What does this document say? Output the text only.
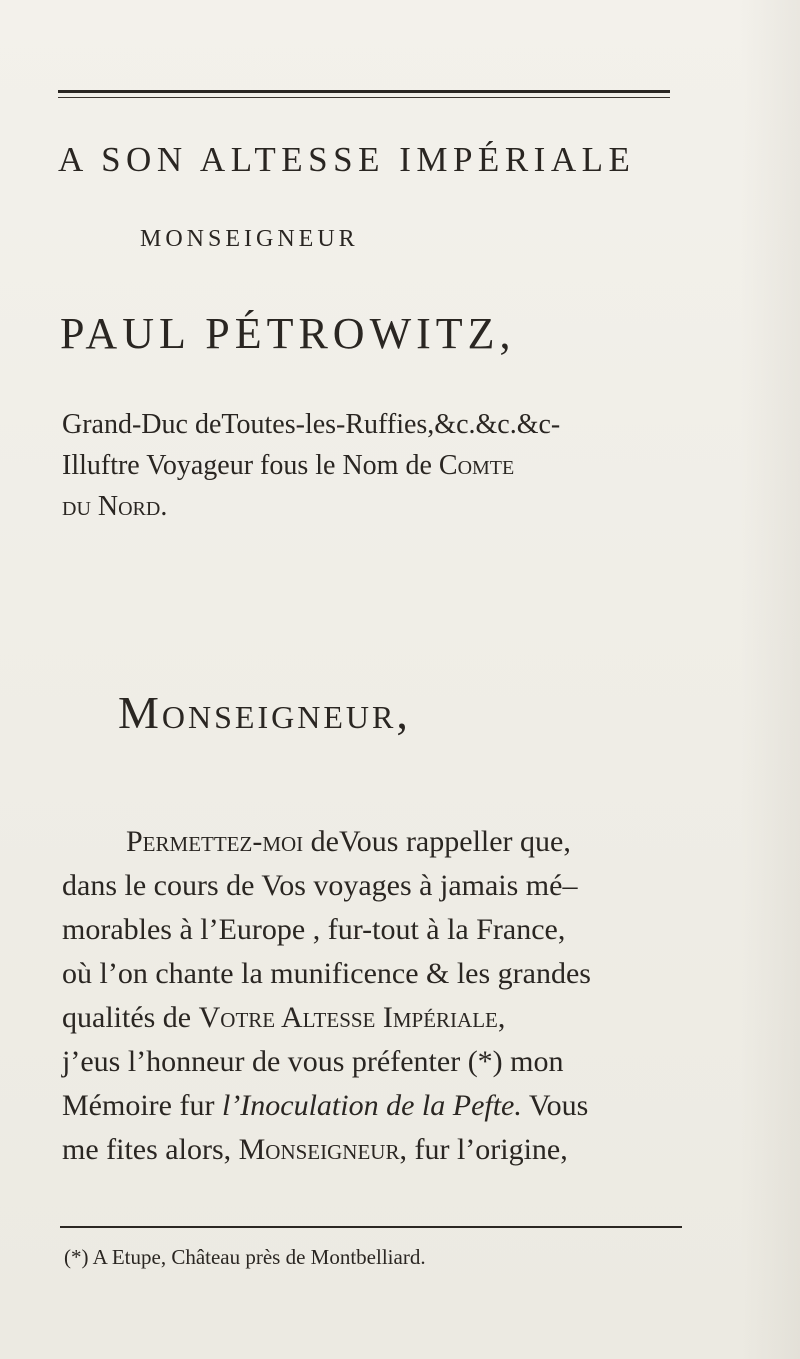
A SON ALTESSE IMPÉRIALE
MONSEIGNEUR
PAUL PÉTROWITZ,
Grand-Duc deToutes-les-Ruffies,&c.&c.&c-
Illuftre Voyageur fous le Nom de Comte
du Nord.
Monseigneur,
Permettez-moi deVous rappeller que,
dans le cours de Vos voyages à jamais mé–
morables à l’Europe , fur-tout à la France,
où l’on chante la munificence & les grandes
qualités de Votre Altesse Impériale,
j’eus l’honneur de vous préfenter (*) mon
Mémoire fur l’Inoculation de la Pefte. Vous
me fites alors, Monseigneur, fur l’origine,
(*) A Etupe, Château près de Montbelliard.
